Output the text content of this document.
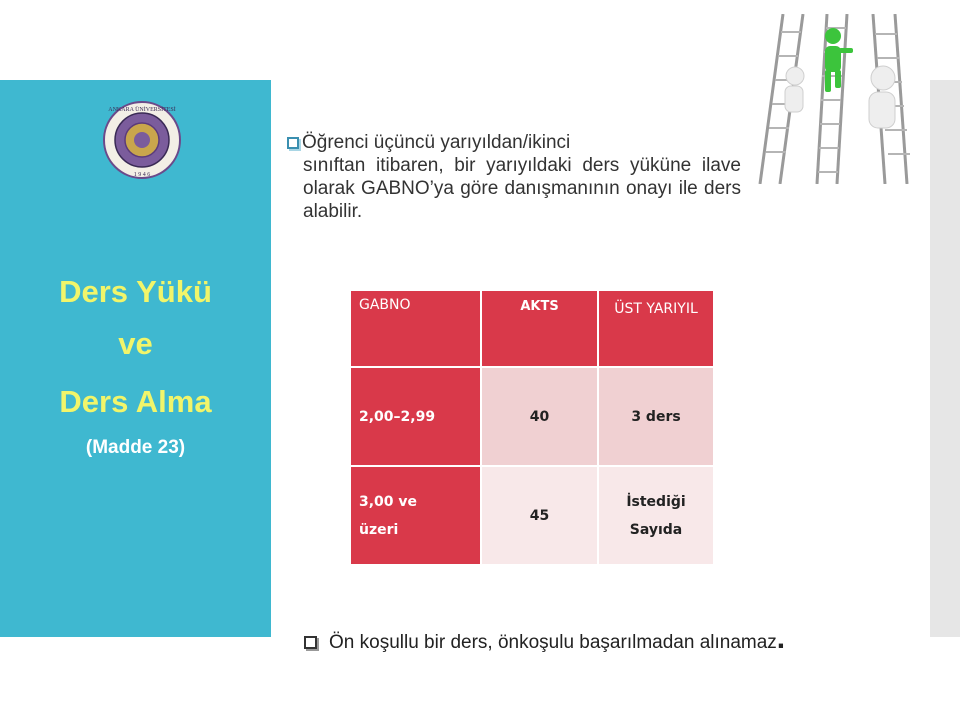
ANKARA ÜNİVERSİTESİ
1 9 4 6
Ders Yükü
ve
Ders Alma
(Madde 23)
Öğrenci üçüncü yarıyıldan/ikinci
sınıftan itibaren, bir yarıyıldaki ders yüküne ilave olarak GABNO’ya göre danışmanının onayı ile ders alabilir.
GABNO	AKTS	ÜST YARIYIL
2,00–2,99	40	3 ders
3,00 ve üzeri	45	İstediği Sayıda
Ön koşullu bir ders, önkoşulu başarılmadan alınamaz.
